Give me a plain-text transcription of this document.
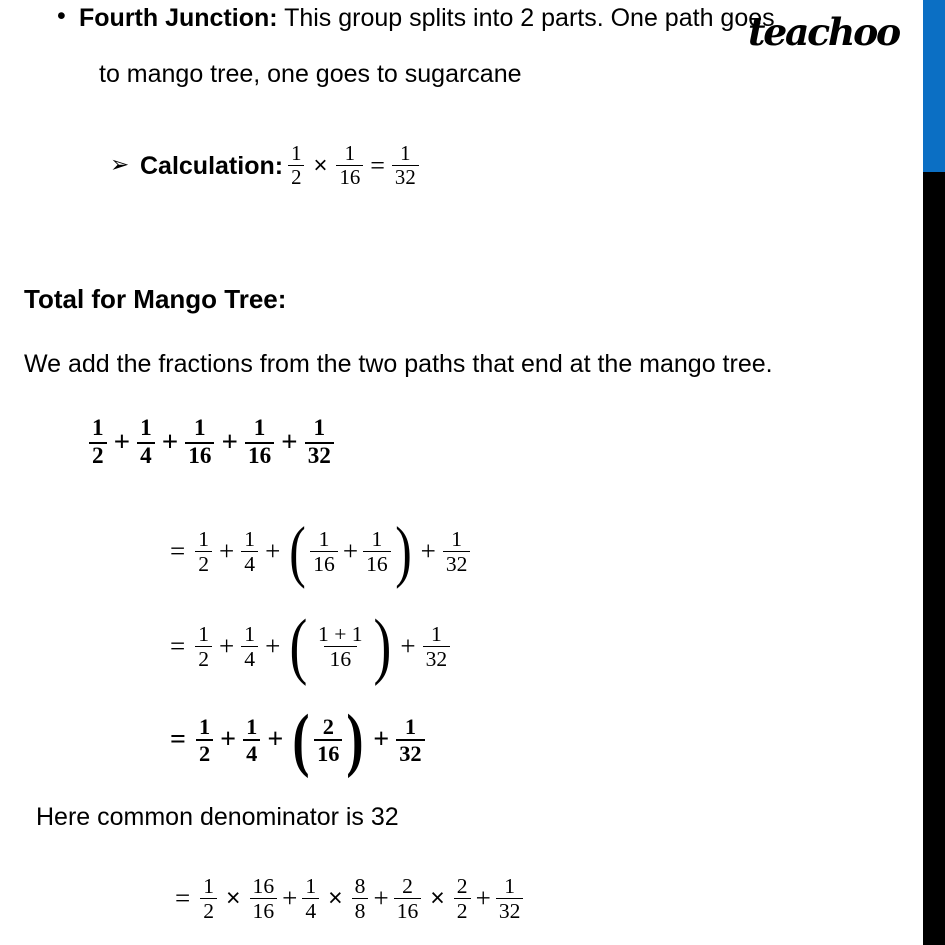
teachoo
• Fourth Junction: This group splits into 2 parts. One path goes
to mango tree, one goes to sugarcane
➢ Calculation: $\frac{1}{2} \times \frac{1}{16} = \frac{1}{32}$
Total for Mango Tree:
We add the fractions from the two paths that end at the mango tree.
$\frac{1}{2} + \frac{1}{4} + \frac{1}{16} + \frac{1}{16} + \frac{1}{32}$
= $\frac{1}{2} + \frac{1}{4}$ + ( $\frac{1}{16} + \frac{1}{16}$ ) + $\frac{1}{32}$
= $\frac{1}{2} + \frac{1}{4}$ + ( $\frac{1 + 1}{16}$ ) + $\frac{1}{32}$
= $\frac{1}{2} + \frac{1}{4}$ + ( $\frac{2}{16}$ ) + $\frac{1}{32}$
Here common denominator is 32
= $\frac{1}{2} \times \frac{16}{16} + \frac{1}{4} \times \frac{8}{8} + \frac{2}{16} \times \frac{2}{2} + \frac{1}{32}$
